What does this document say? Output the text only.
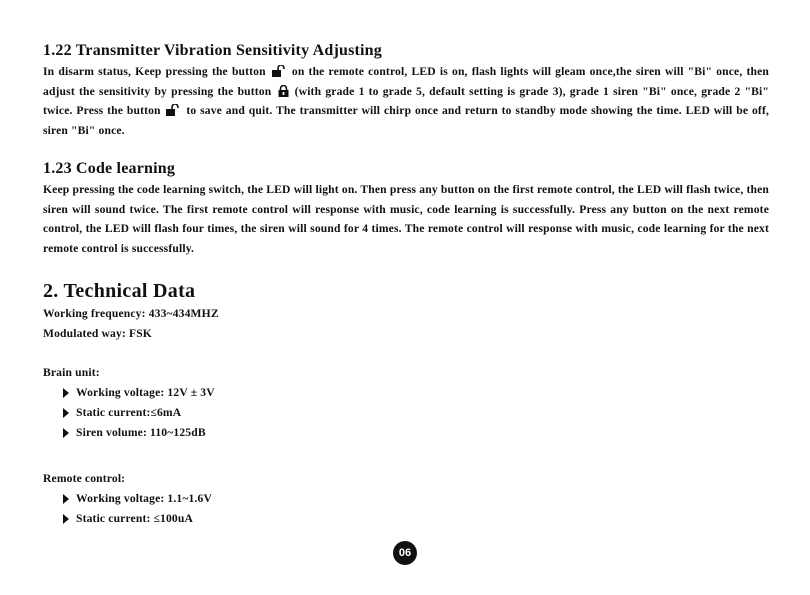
1.22 Transmitter Vibration Sensitivity Adjusting

In disarm status, Keep pressing the button  on the remote control, LED is on, flash lights will gleam once,the siren will "Bi" once, then adjust the sensitivity by pressing the button  (with grade 1 to grade 5, default setting is grade 3), grade 1 siren "Bi" once, grade 2 "Bi" twice. Press the button  to save and quit. The transmitter will chirp once and return to standby mode showing the time. LED will be off, siren "Bi" once.

1.23 Code learning

Keep pressing the code learning switch, the LED will light on. Then press any button on the first remote control, the LED will flash twice, then siren will sound twice. The first remote control will response with music, code learning is successfully. Press any button on the next remote control, the LED will flash four times, the siren will sound for 4 times. The remote control will response with music, code learning for the next remote control is successfully.

2. Technical Data
Working frequency: 433~434MHZ
Modulated way: FSK
Brain unit:
Working voltage: 12V ± 3V
Static current:≤6mA
Siren volume: 110~125dB
Remote control:
Working voltage: 1.1~1.6V
Static current: ≤100uA
06
